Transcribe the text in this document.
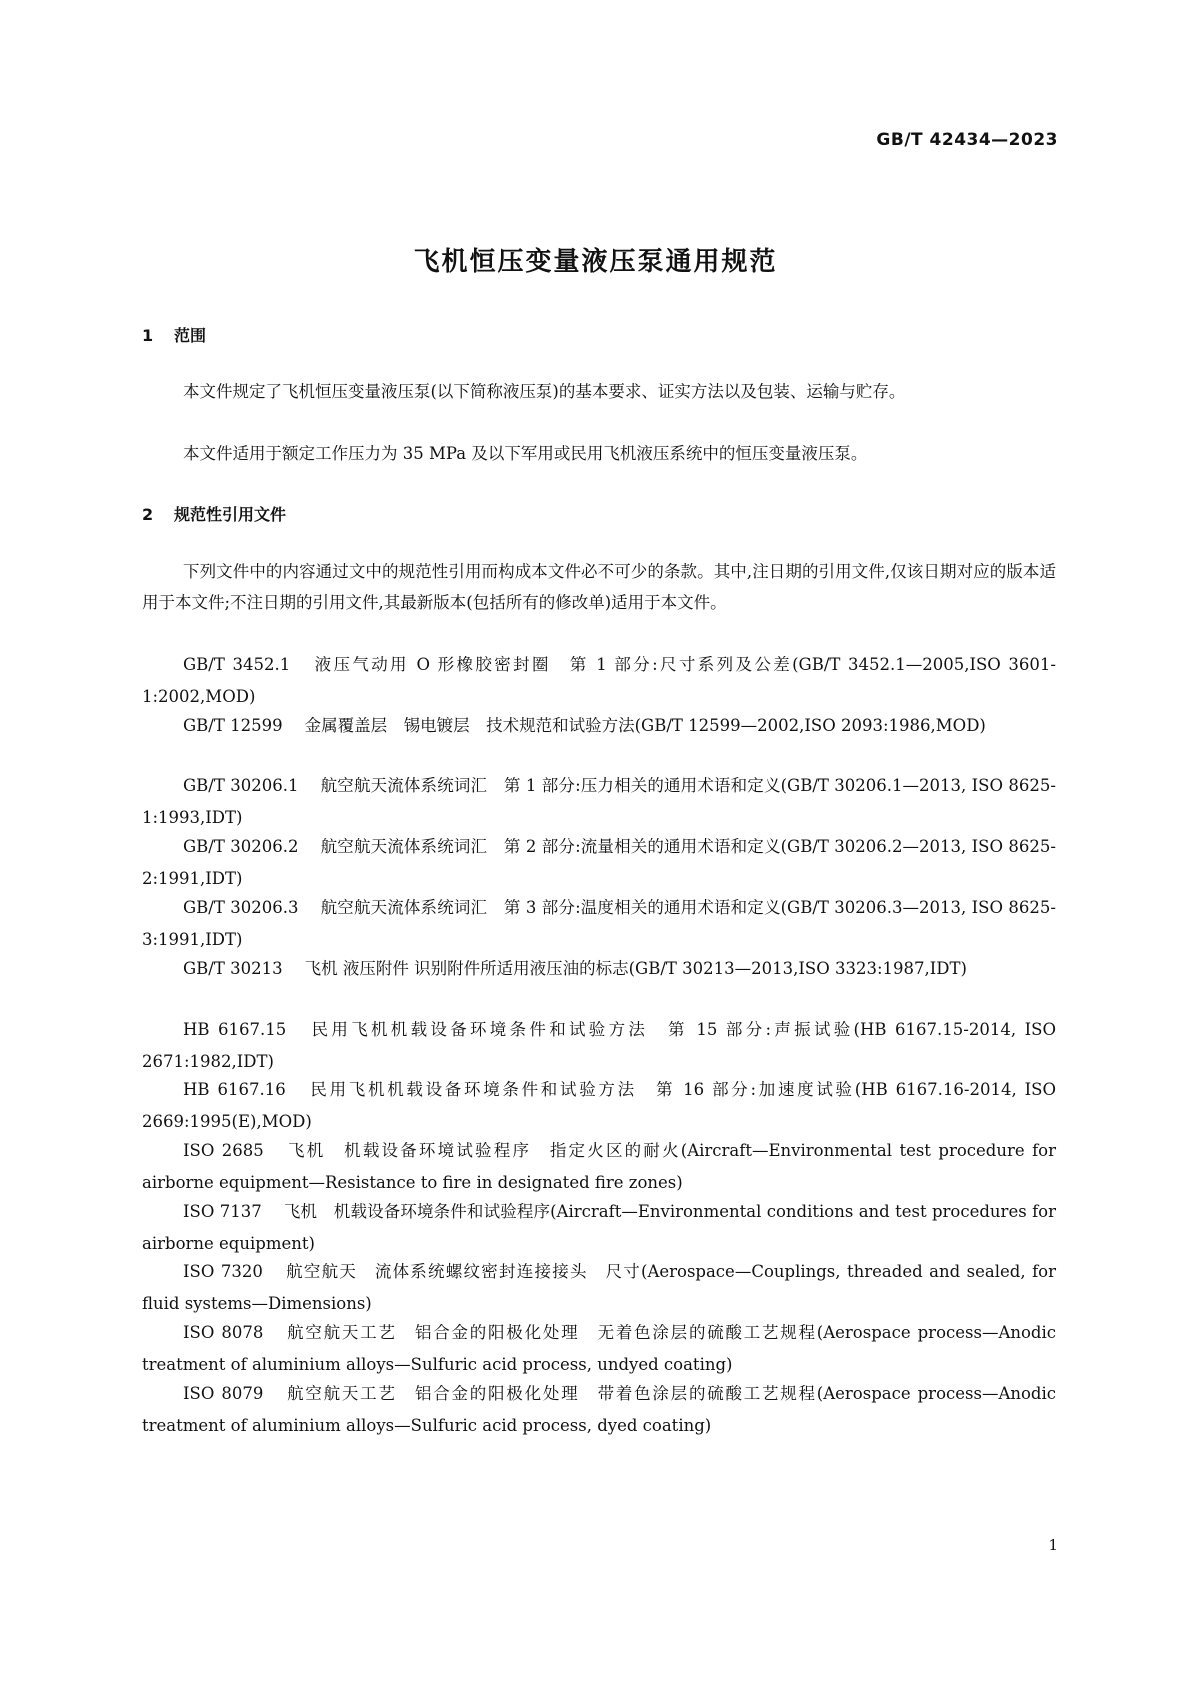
GB/T 42434—2023
飞机恒压变量液压泵通用规范
1 范围

本文件规定了飞机恒压变量液压泵(以下简称液压泵)的基本要求、证实方法以及包装、运输与贮存。

本文件适用于额定工作压力为 35 MPa 及以下军用或民用飞机液压系统中的恒压变量液压泵。

2 规范性引用文件

下列文件中的内容通过文中的规范性引用而构成本文件必不可少的条款。其中,注日期的引用文件,仅该日期对应的版本适用于本文件;不注日期的引用文件,其最新版本(包括所有的修改单)适用于本文件。

GB/T 3452.1 液压气动用 O 形橡胶密封圈　第 1 部分:尺寸系列及公差(GB/T 3452.1—2005,ISO 3601-1:2002,MOD)

GB/T 12599 金属覆盖层　锡电镀层　技术规范和试验方法(GB/T 12599—2002,ISO 2093:1986,MOD)

GB/T 30206.1 航空航天流体系统词汇　第 1 部分:压力相关的通用术语和定义(GB/T 30206.1—2013, ISO 8625-1:1993,IDT)

GB/T 30206.2 航空航天流体系统词汇　第 2 部分:流量相关的通用术语和定义(GB/T 30206.2—2013, ISO 8625-2:1991,IDT)

GB/T 30206.3 航空航天流体系统词汇　第 3 部分:温度相关的通用术语和定义(GB/T 30206.3—2013, ISO 8625-3:1991,IDT)

GB/T 30213 飞机 液压附件 识别附件所适用液压油的标志(GB/T 30213—2013,ISO 3323:1987,IDT)

HB 6167.15 民用飞机机载设备环境条件和试验方法　第 15 部分:声振试验(HB 6167.15-2014, ISO 2671:1982,IDT)

HB 6167.16 民用飞机机载设备环境条件和试验方法　第 16 部分:加速度试验(HB 6167.16-2014, ISO 2669:1995(E),MOD)

ISO 2685 飞机　机载设备环境试验程序　指定火区的耐火(Aircraft—Environmental test procedure for airborne equipment—Resistance to fire in designated fire zones)

ISO 7137 飞机　机载设备环境条件和试验程序(Aircraft—Environmental conditions and test procedures for airborne equipment)

ISO 7320 航空航天　流体系统螺纹密封连接接头　尺寸(Aerospace—Couplings, threaded and sealed, for fluid systems—Dimensions)

ISO 8078 航空航天工艺　铝合金的阳极化处理　无着色涂层的硫酸工艺规程(Aerospace process—Anodic treatment of aluminium alloys—Sulfuric acid process, undyed coating)

ISO 8079 航空航天工艺　铝合金的阳极化处理　带着色涂层的硫酸工艺规程(Aerospace process—Anodic treatment of aluminium alloys—Sulfuric acid process, dyed coating)

1
